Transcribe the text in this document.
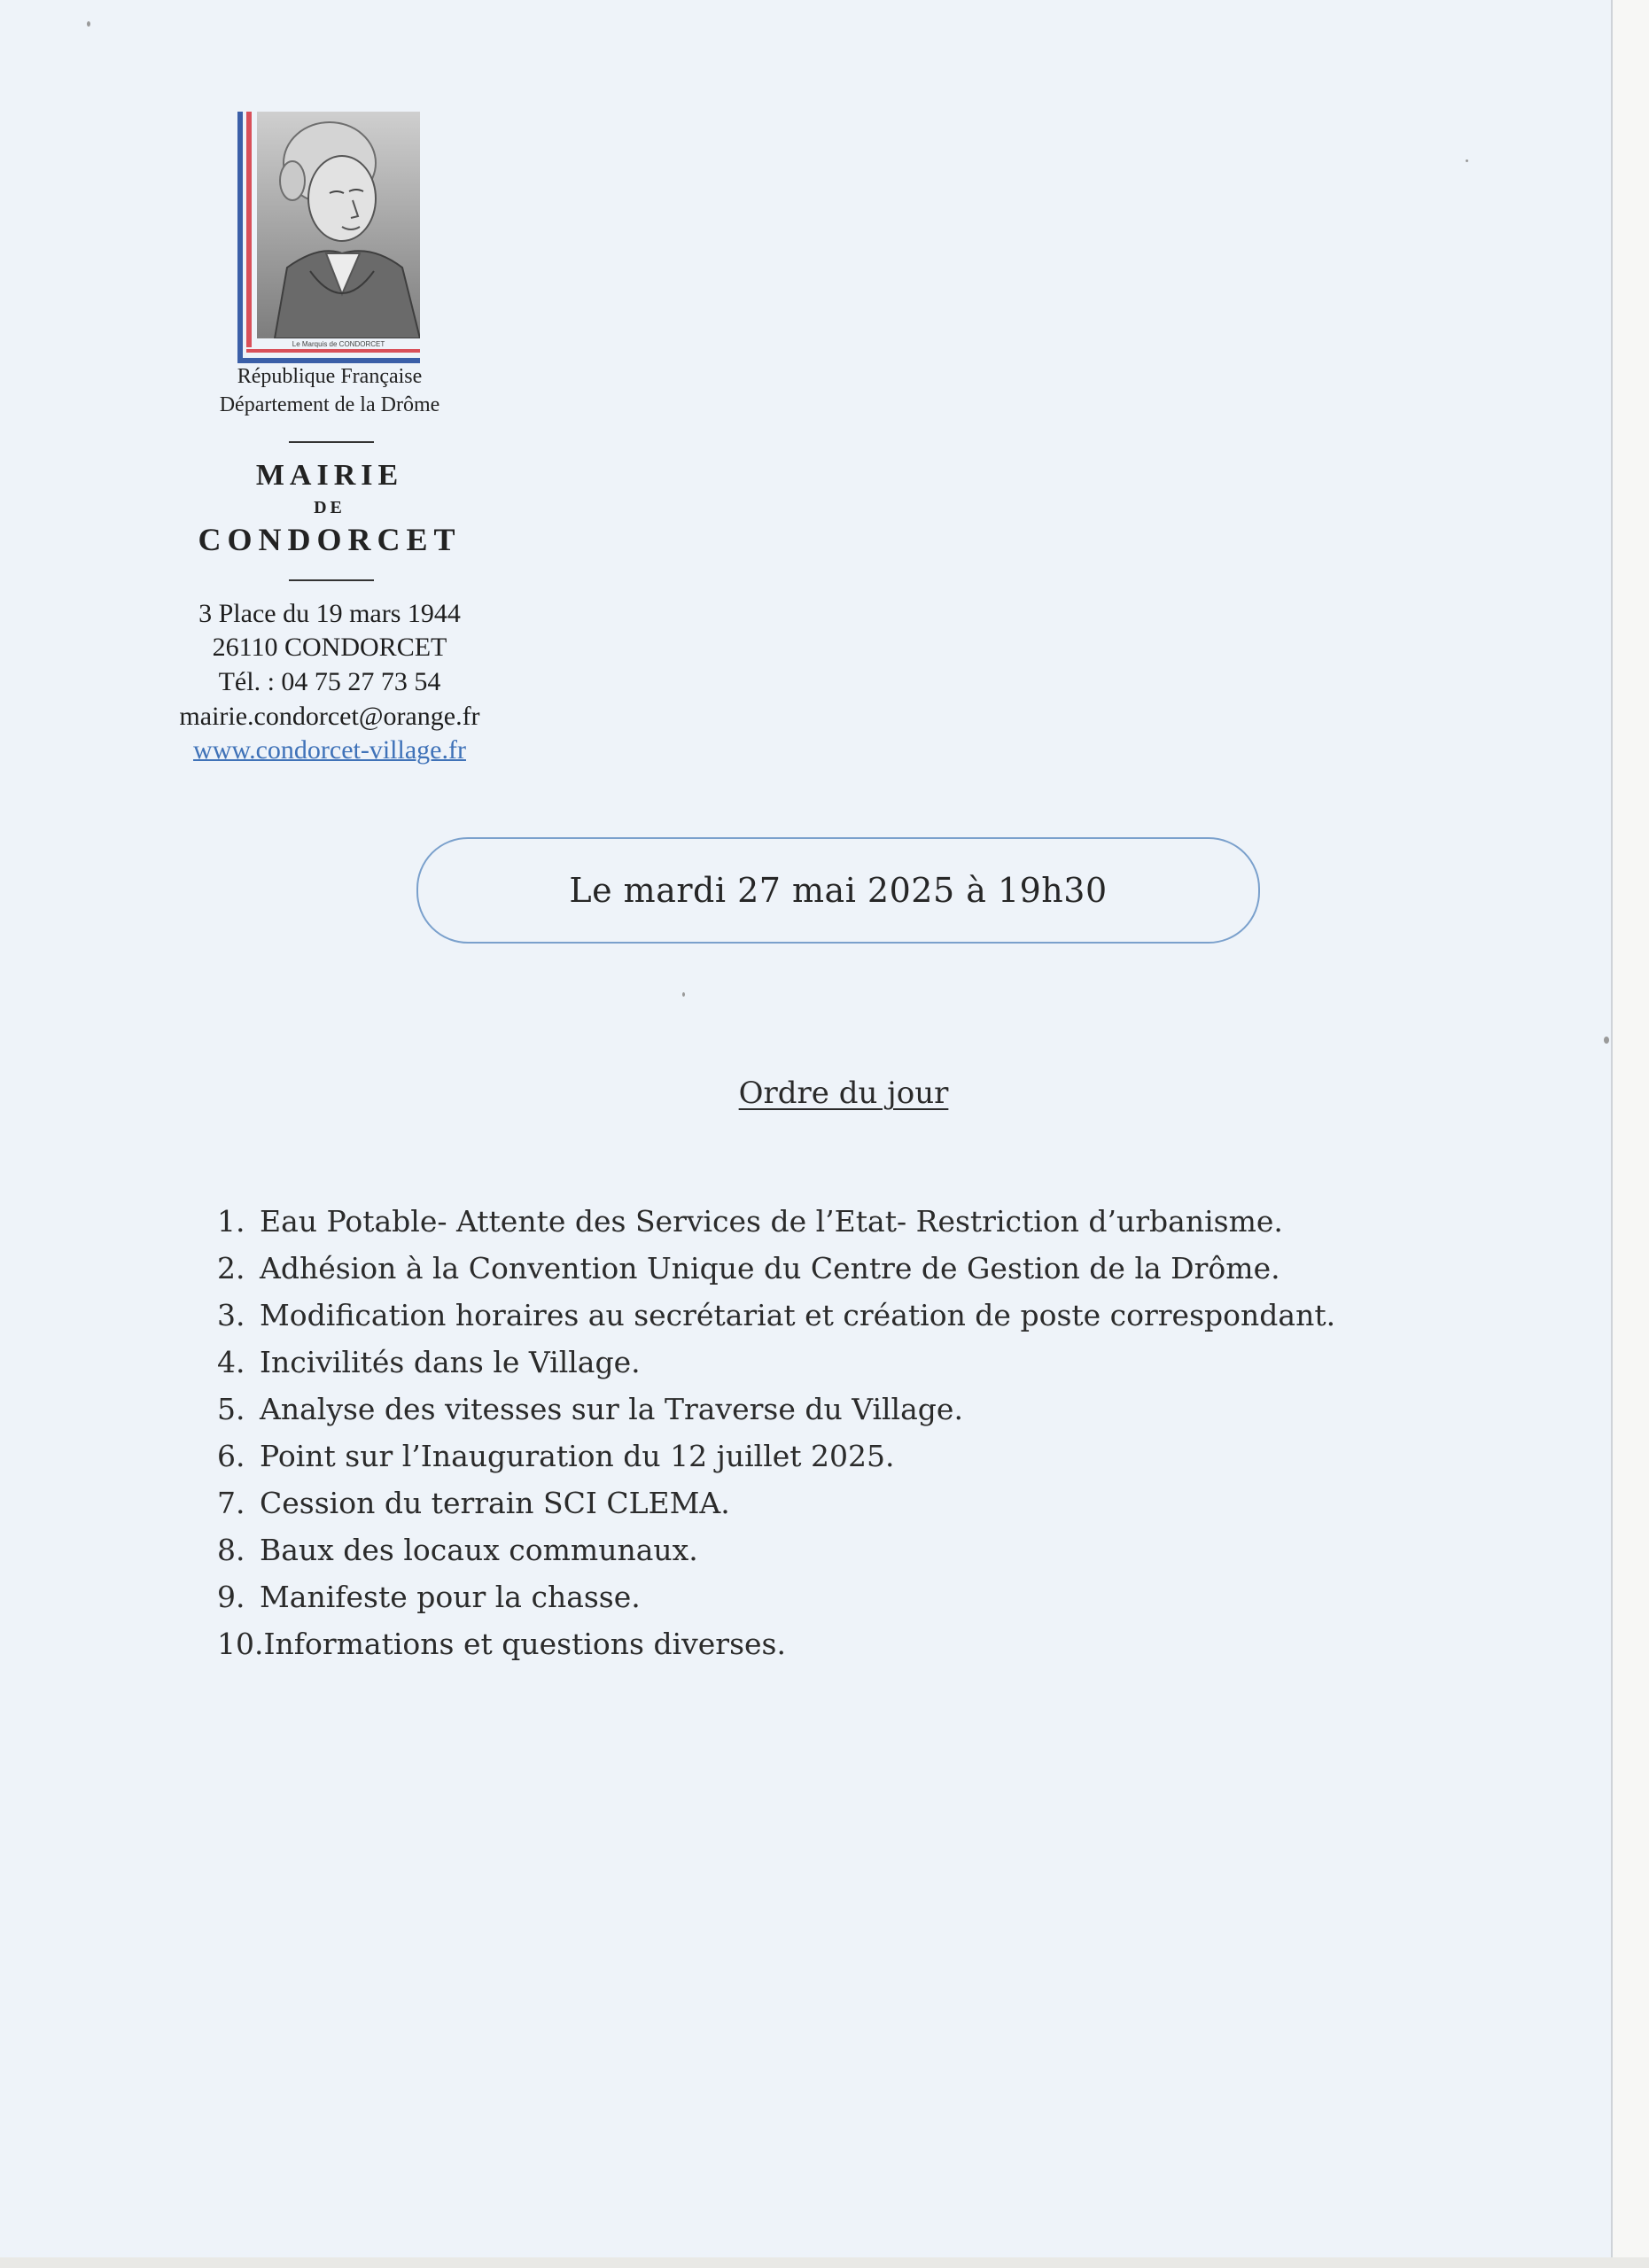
Le Marquis de CONDORCET
République Française
Département de la Drôme
MAIRIE
DE
CONDORCET
3 Place du 19 mars 1944
26110 CONDORCET
Tél. : 04 75 27 73 54
mairie.condorcet@orange.fr
www.condorcet-village.fr
Le mardi 27 mai 2025 à 19h30
Ordre du jour
1. Eau Potable- Attente des Services de l’Etat- Restriction d’urbanisme.
2. Adhésion à la Convention Unique du Centre de Gestion de la Drôme.
3. Modification horaires au secrétariat et création de poste correspondant.
4. Incivilités dans le Village.
5. Analyse des vitesses sur la Traverse du Village.
6. Point sur l’Inauguration du 12 juillet 2025.
7. Cession du terrain SCI CLEMA.
8. Baux des locaux communaux.
9. Manifeste pour la chasse.
10.Informations et questions diverses.
